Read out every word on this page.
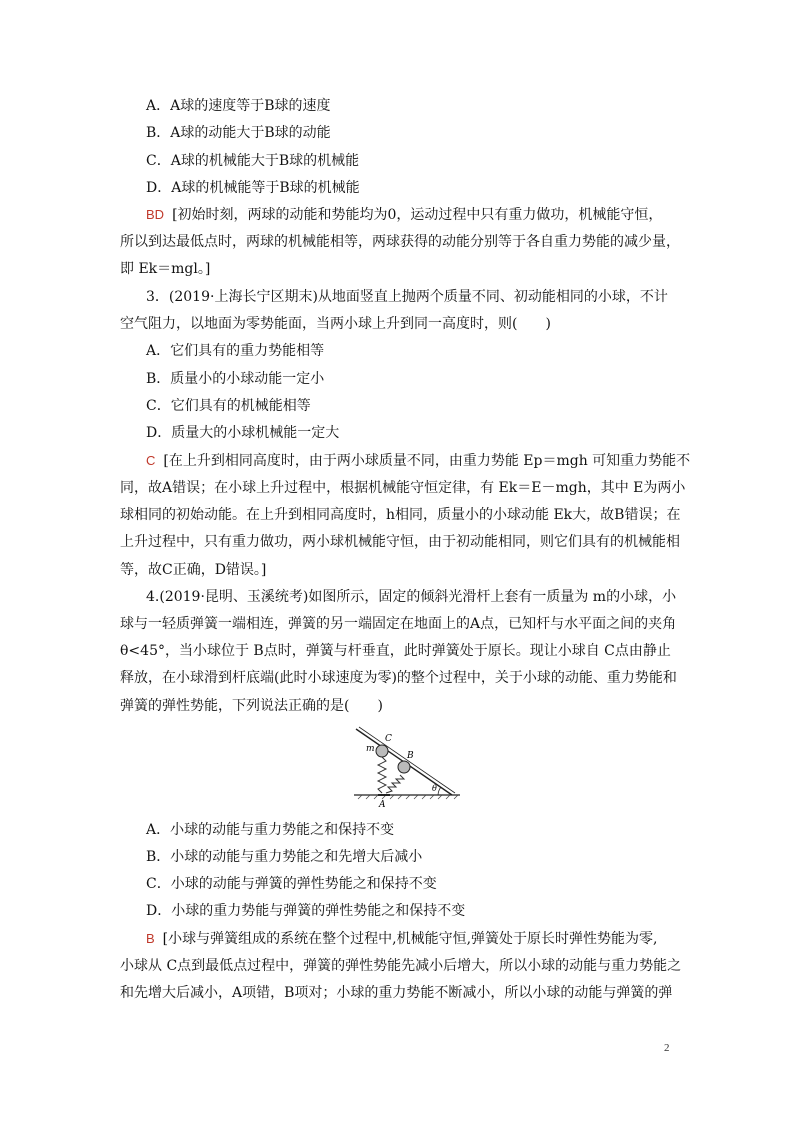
A．A球的速度等于B球的速度
B．A球的动能大于B球的动能
C．A球的机械能大于B球的机械能
D．A球的机械能等于B球的机械能
BD [初始时刻，两球的动能和势能均为0，运动过程中只有重力做功，机械能守恒，
所以到达最低点时，两球的机械能相等，两球获得的动能分别等于各自重力势能的减少量，
即 Ek＝mgl。]
3．(2019·上海长宁区期末)从地面竖直上抛两个质量不同、初动能相同的小球，不计
空气阻力，以地面为零势能面，当两小球上升到同一高度时，则(　　)
A．它们具有的重力势能相等
B．质量小的小球动能一定小
C．它们具有的机械能相等
D．质量大的小球机械能一定大
C [在上升到相同高度时，由于两小球质量不同，由重力势能 Ep＝mgh 可知重力势能不
同，故A错误；在小球上升过程中，根据机械能守恒定律，有 Ek＝E－mgh，其中 E为两小
球相同的初始动能。在上升到相同高度时，h相同，质量小的小球动能 Ek大，故B错误；在
上升过程中，只有重力做功，两小球机械能守恒，由于初动能相同，则它们具有的机械能相
等，故C正确，D错误。]
4.(2019·昆明、玉溪统考)如图所示，固定的倾斜光滑杆上套有一质量为 m的小球，小
球与一轻质弹簧一端相连，弹簧的另一端固定在地面上的A点，已知杆与水平面之间的夹角
θ<45°，当小球位于 B点时，弹簧与杆垂直，此时弹簧处于原长。现让小球自 C点由静止
释放，在小球滑到杆底端(此时小球速度为零)的整个过程中，关于小球的动能、重力势能和
弹簧的弹性势能，下列说法正确的是(　　)
m
C
B
A
θ
A．小球的动能与重力势能之和保持不变
B．小球的动能与重力势能之和先增大后减小
C．小球的动能与弹簧的弹性势能之和保持不变
D．小球的重力势能与弹簧的弹性势能之和保持不变
B [小球与弹簧组成的系统在整个过程中,机械能守恒,弹簧处于原长时弹性势能为零,
小球从 C点到最低点过程中，弹簧的弹性势能先减小后增大，所以小球的动能与重力势能之
和先增大后减小，A项错，B项对；小球的重力势能不断减小，所以小球的动能与弹簧的弹
2
